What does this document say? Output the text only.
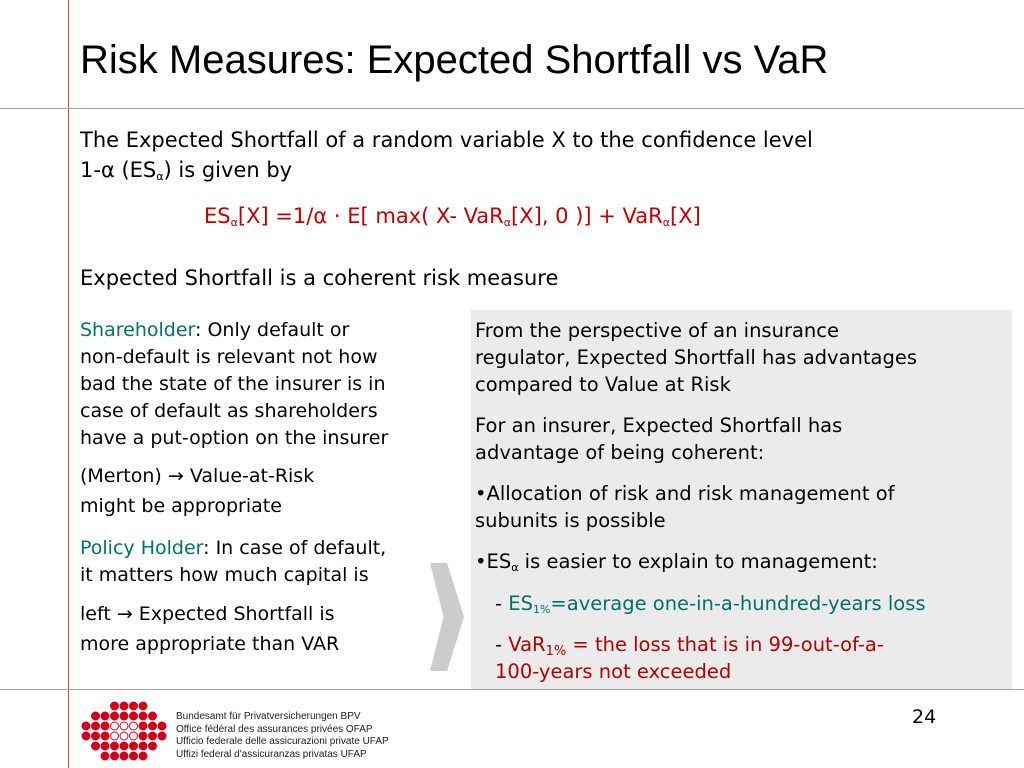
Risk Measures: Expected Shortfall vs VaR
The Expected Shortfall of a random variable X to the confidence level
1-α $(ES_\alpha)$ is given by
$ES_\alpha[X] =1/\alpha \cdot E$[ max( X- VaR$_\alpha$[X], 0 )] + VaR$_\alpha$[X]
Expected Shortfall is a coherent risk measure
Shareholder: Only default or
non-default is relevant not how
bad the state of the insurer is in
case of default as shareholders
have a put-option on the insurer
(Merton) → Value-at-Risk
might be appropriate
Policy Holder: In case of default,
it matters how much capital is
left → Expected Shortfall is
more appropriate than VAR
From the perspective of an insurance
regulator, Expected Shortfall has advantages
compared to Value at Risk
For an insurer, Expected Shortfall has
advantage of being coherent:
•Allocation of risk and risk management of
subunits is possible
$•ES_\alpha$ is easier to explain to management:
- $ES_{1\%}=average$ one-in-a-hundred-years loss
- VaR$_{1\%}$ = the loss that is in 99-out-of-a-
100-years not exceeded
24
Bundesamt für Privatversicherungen BPV
Office fédéral des assurances privées OFAP
Ufficio federale delle assicurazioni private UFAP
Uffizi federal d'assicuranzas privatas UFAP
